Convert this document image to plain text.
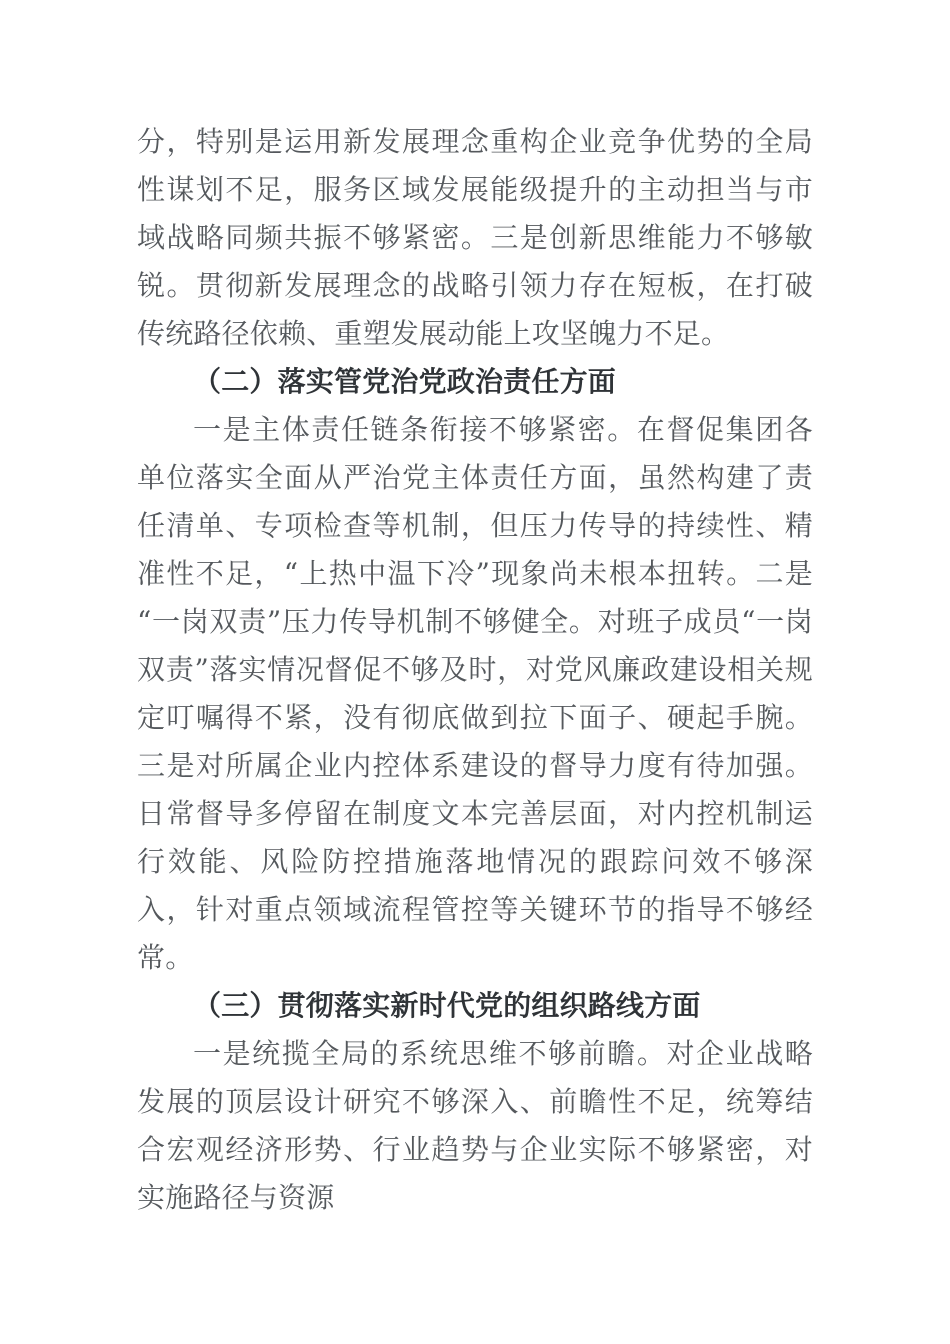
分，特别是运用新发展理念重构企业竞争优势的全局性谋划不足，服务区域发展能级提升的主动担当与市域战略同频共振不够紧密。三是创新思维能力不够敏锐。贯彻新发展理念的战略引领力存在短板，在打破传统路径依赖、重塑发展动能上攻坚魄力不足。

（二）落实管党治党政治责任方面

一是主体责任链条衔接不够紧密。在督促集团各单位落实全面从严治党主体责任方面，虽然构建了责任清单、专项检查等机制，但压力传导的持续性、精准性不足，“上热中温下冷”现象尚未根本扭转。二是“一岗双责”压力传导机制不够健全。对班子成员“一岗双责”落实情况督促不够及时，对党风廉政建设相关规定叮嘱得不紧，没有彻底做到拉下面子、硬起手腕。三是对所属企业内控体系建设的督导力度有待加强。日常督导多停留在制度文本完善层面，对内控机制运行效能、风险防控措施落地情况的跟踪问效不够深入，针对重点领域流程管控等关键环节的指导不够经常。

（三）贯彻落实新时代党的组织路线方面

一是统揽全局的系统思维不够前瞻。对企业战略发展的顶层设计研究不够深入、前瞻性不足，统筹结合宏观经济形势、行业趋势与企业实际不够紧密，对实施路径与资源
